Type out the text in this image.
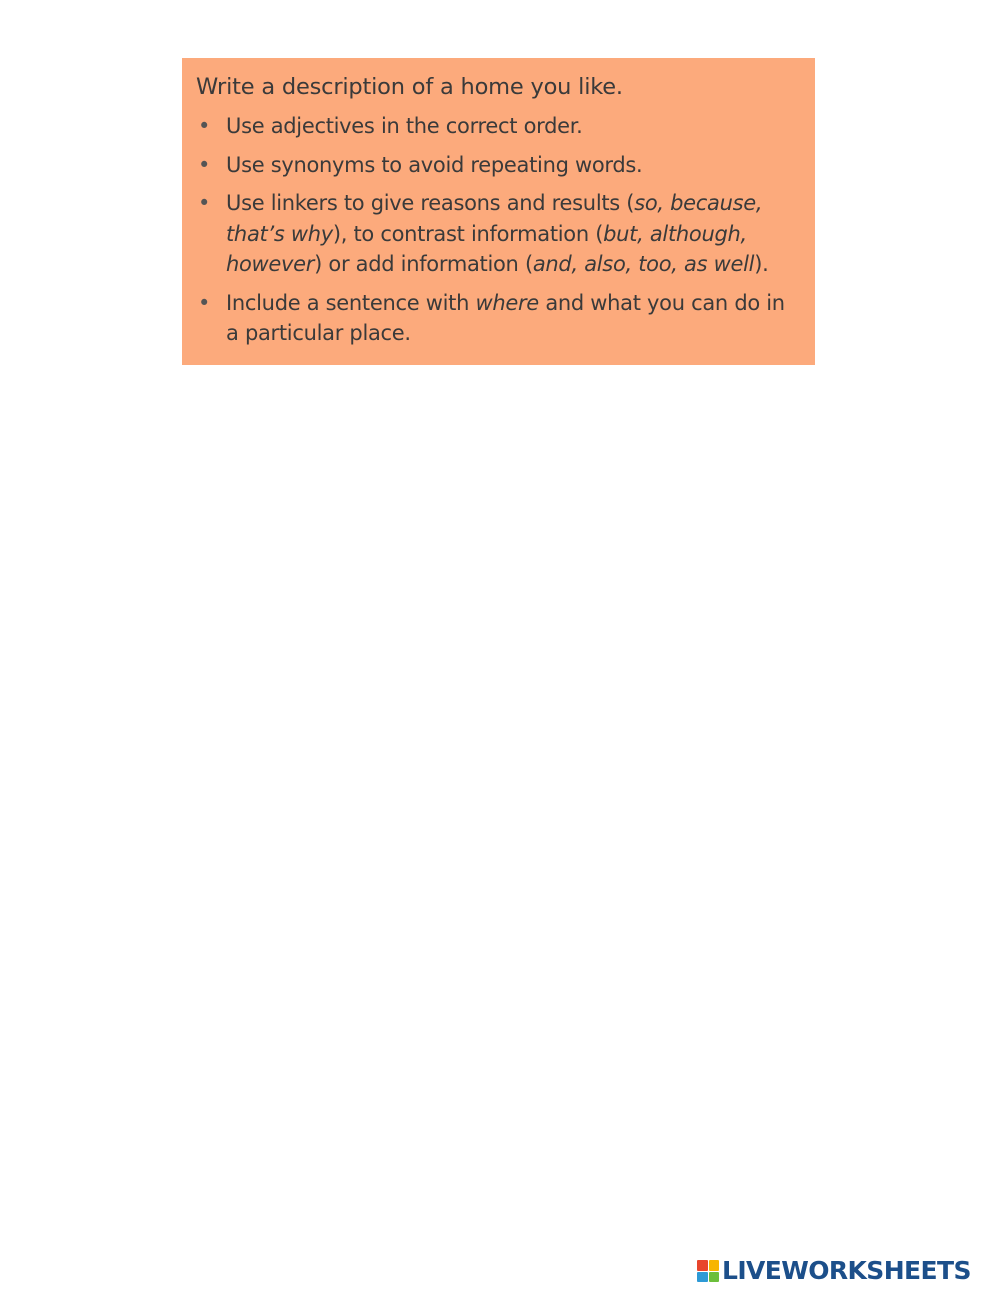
Write a description of a home you like.
• Use adjectives in the correct order.
• Use synonyms to avoid repeating words.
• Use linkers to give reasons and results (so, because, that’s why), to contrast information (but, although, however) or add information (and, also, too, as well).
• Include a sentence with where and what you can do in a particular place.
LIVEWORKSHEETS
